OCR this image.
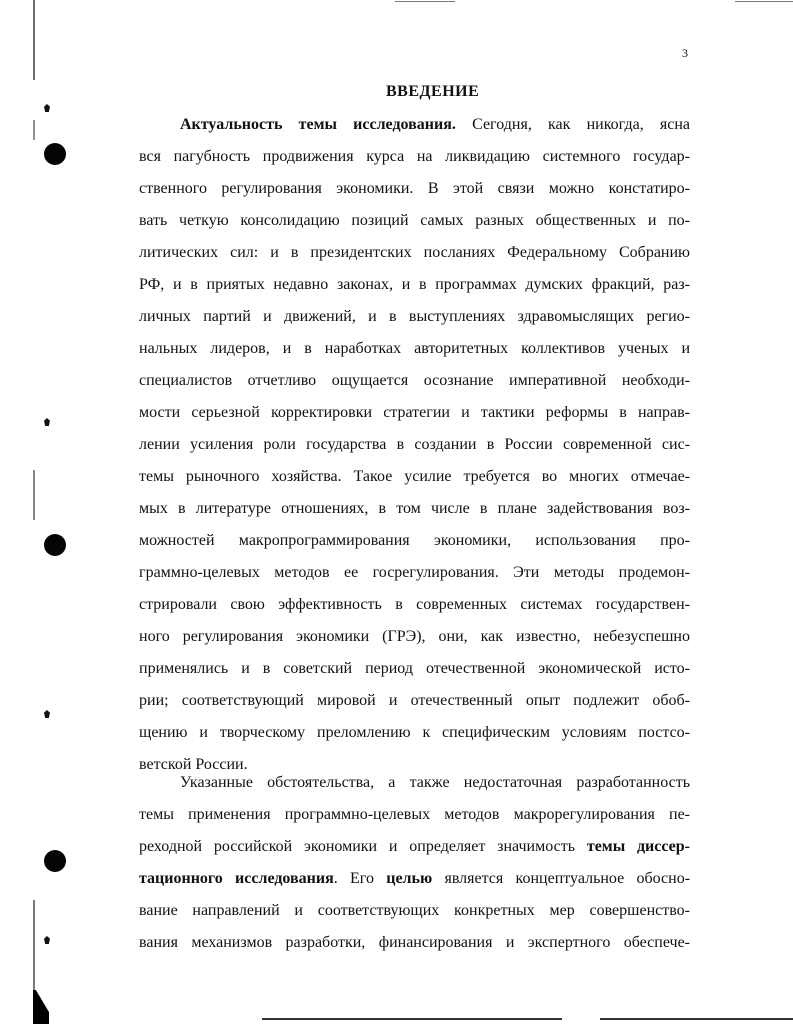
3
ВВЕДЕНИЕ
Актуальность темы исследования. Сегодня, как никогда, ясна
вся пагубность продвижения курса на ликвидацию системного государ-
ственного регулирования экономики. В этой связи можно констатиро-
вать четкую консолидацию позиций самых разных общественных и по-
литических сил: и в президентских посланиях Федеральному Собранию
РФ, и в приятых недавно законах, и в программах думских фракций, раз-
личных партий и движений, и в выступлениях здравомыслящих регио-
нальных лидеров, и в наработках авторитетных коллективов ученых и
специалистов отчетливо ощущается осознание императивной необходи-
мости серьезной корректировки стратегии и тактики реформы в направ-
лении усиления роли государства в создании в России современной сис-
темы рыночного хозяйства. Такое усилие требуется во многих отмечае-
мых в литературе отношениях, в том числе в плане задействования воз-
можностей макропрограммирования экономики, использования про-
граммно-целевых методов ее госрегулирования. Эти методы продемон-
стрировали свою эффективность в современных системах государствен-
ного регулирования экономики (ГРЭ), они, как известно, небезуспешно
применялись и в советский период отечественной экономической исто-
рии; соответствующий мировой и отечественный опыт подлежит обоб-
щению и творческому преломлению к специфическим условиям постсо-
ветской России.
Указанные обстоятельства, а также недостаточная разработанность
темы применения программно-целевых методов макрорегулирования пе-
реходной российской экономики и определяет значимость темы диссер-
тационного исследования. Его целью является концептуальное обосно-
вание направлений и соответствующих конкретных мер совершенство-
вания механизмов разработки, финансирования и экспертного обеспече-
